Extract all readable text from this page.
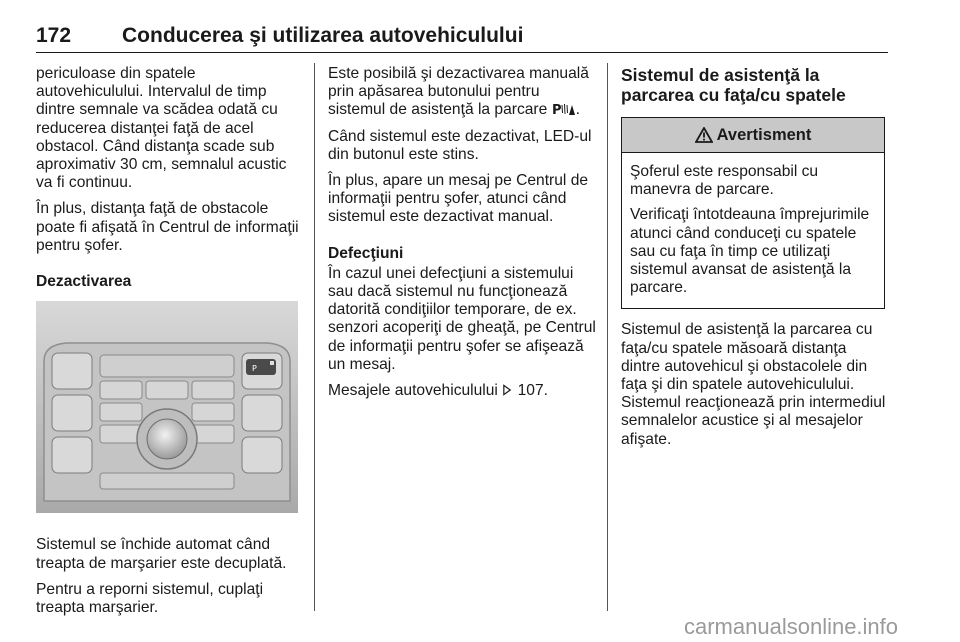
172 Conducerea şi utilizarea autovehiculului

periculoase din spatele autovehiculului. Intervalul de timp dintre semnale va scădea odată cu reducerea distanţei faţă de acel obstacol. Când distanţa scade sub aproximativ 30 cm, semnalul acustic va fi continuu.

În plus, distanţa faţă de obstacole poate fi afişată în Centrul de informaţii pentru şofer.

Dezactivarea
P

Sistemul se închide automat când treapta de marşarier este decuplată.

Pentru a reporni sistemul, cuplaţi treapta marşarier.

Este posibilă şi dezactivarea manuală prin apăsarea butonului pentru sistemul de asistenţă la parcare P .

Când sistemul este dezactivat, LED-ul din butonul este stins.

În plus, apare un mesaj pe Centrul de informaţii pentru şofer, atunci când sistemul este dezactivat manual.

Defecţiuni

În cazul unei defecţiuni a sistemului sau dacă sistemul nu funcţionează datorită condiţiilor temporare, de ex. senzori acoperiţi de gheaţă, pe Centrul de informaţii pentru şofer se afişează un mesaj.

Mesajele autovehiculului 107.

Sistemul de asistenţă la parcarea cu faţa/cu spatele
Avertisment

Şoferul este responsabil cu manevra de parcare.

Verificaţi întotdeauna împrejurimile atunci când conduceţi cu spatele sau cu faţa în timp ce utilizaţi sistemul avansat de asistenţă la parcare.

Sistemul de asistenţă la parcarea cu faţa/cu spatele măsoară distanţa dintre autovehicul şi obstacolele din faţa şi din spatele autovehiculului. Sistemul reacţionează prin intermediul semnalelor acustice şi al mesajelor afişate.

carmanualsonline.info
